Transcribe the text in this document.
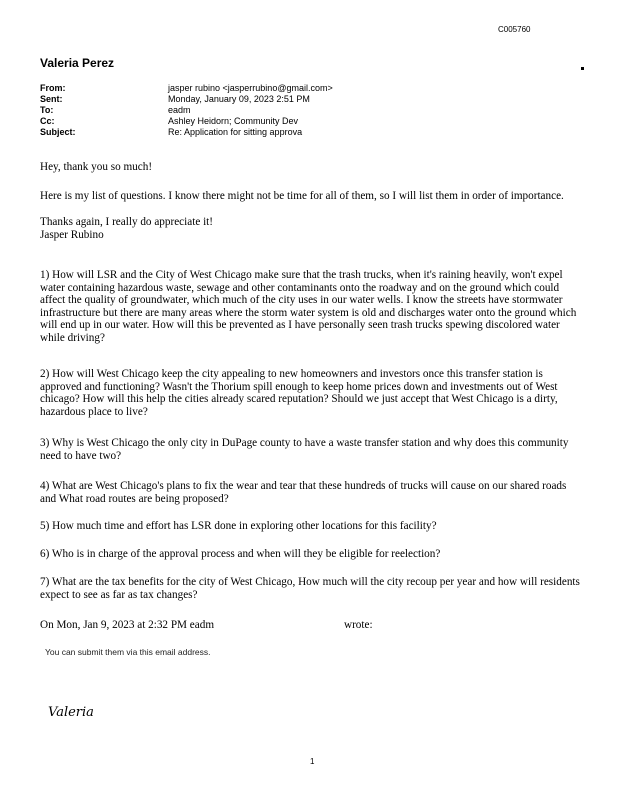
C005760
Valeria Perez
From:	jasper rubino <jasperrubino@gmail.com>
Sent:	Monday, January 09, 2023 2:51 PM
To:	eadm
Cc:	Ashley Heidorn; Community Dev
Subject:	Re: Application for sitting approva
Hey, thank you so much!
Here is my list of questions. I know there might not be time for all of them, so I will list them in order of importance.
Thanks again, I really do appreciate it!
Jasper Rubino
1) How will LSR and the City of West Chicago make sure that the trash trucks, when it's raining heavily, won't expel water containing hazardous waste, sewage and other contaminants onto the roadway and on the ground which could affect the quality of groundwater, which much of the city uses in our water wells. I know the streets have stormwater infrastructure but there are many areas where the storm water system is old and discharges water onto the ground which will end up in our water. How will this be prevented as I have personally seen trash trucks spewing discolored water while driving?
2) How will West Chicago keep the city appealing to new homeowners and investors once this transfer station is approved and functioning? Wasn't the Thorium spill enough to keep home prices down and investments out of West chicago? How will this help the cities already scared reputation? Should we just accept that West Chicago is a dirty, hazardous place to live?
3) Why is West Chicago the only city in DuPage county to have a waste transfer station and why does this community need to have two?
4) What are West Chicago's plans to fix the wear and tear that these hundreds of trucks will cause on our shared roads and What road routes are being proposed?
5) How much time and effort has LSR done in exploring other locations for this facility?
6) Who is in charge of the approval process and when will they be eligible for reelection?
7) What are the tax benefits for the city of West Chicago, How much will the city recoup per year and how will residents expect to see as far as tax changes?
On Mon, Jan 9, 2023 at 2:32 PM eadm	wrote:
You can submit them via this email address.
Valeria
1
